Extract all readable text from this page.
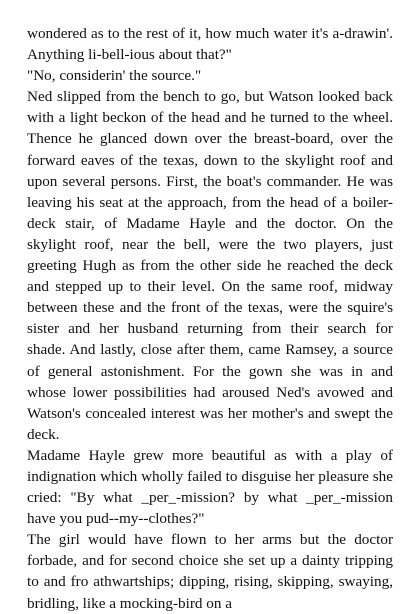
wondered as to the rest of it, how much water it's a-drawin'. Anything li-bell-ious about that?"

"No, considerin' the source."

Ned slipped from the bench to go, but Watson looked back with a light beckon of the head and he turned to the wheel. Thence he glanced down over the breast-board, over the forward eaves of the texas, down to the skylight roof and upon several persons. First, the boat's commander. He was leaving his seat at the approach, from the head of a boiler-deck stair, of Madame Hayle and the doctor. On the skylight roof, near the bell, were the two players, just greeting Hugh as from the other side he reached the deck and stepped up to their level. On the same roof, midway between these and the front of the texas, were the squire's sister and her husband returning from their search for shade. And lastly, close after them, came Ramsey, a source of general astonishment. For the gown she was in and whose lower possibilities had aroused Ned's avowed and Watson's concealed interest was her mother's and swept the deck.

Madame Hayle grew more beautiful as with a play of indignation which wholly failed to disguise her pleasure she cried: "By what _per_-mission? by what _per_-mission have you pud--my--clothes?"

The girl would have flown to her arms but the doctor forbade, and for second choice she set up a dainty tripping to and fro athwartships; dipping, rising, skipping, swaying, bridling, like a mocking-bird on a
